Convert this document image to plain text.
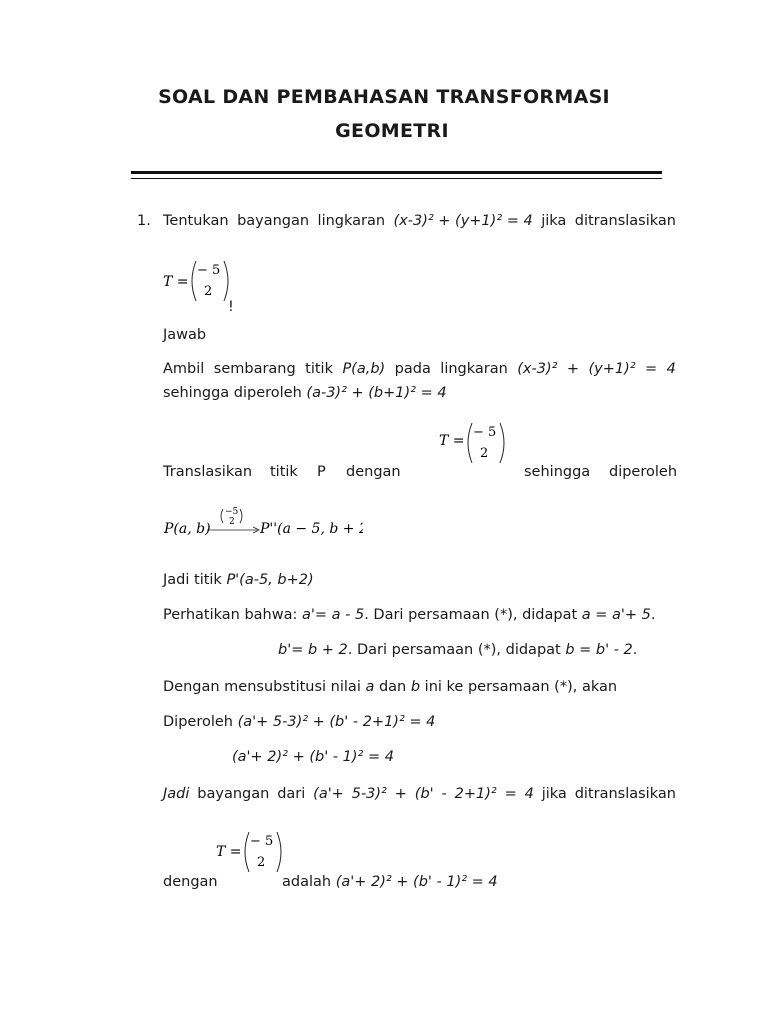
SOAL DAN PEMBAHASAN TRANSFORMASI
GEOMETRI
1. Tentukan bayangan lingkaran (x-3)² + (y+1)² = 4 jika ditranslasikan
T =
− 5
2
!
Jawab
Ambil sembarang titik P(a,b) pada lingkaran (x-3)² + (y+1)² = 4
sehingga diperoleh (a-3)² + (b+1)² = 4
T =
− 5
2
Translasikan titik P dengan	sehingga diperoleh
P(a, b)
−5
2 P''(a − 5, b + 2)
Jadi titik P'(a-5, b+2)
Perhatikan bahwa: a'= a - 5. Dari persamaan (*), didapat a = a'+ 5.
b'= b + 2. Dari persamaan (*), didapat b = b' - 2.
Dengan mensubstitusi nilai a dan b ini ke persamaan (*), akan
Diperoleh (a'+ 5-3)² + (b' - 2+1)² = 4
(a'+ 2)² + (b' - 1)² = 4
Jadi bayangan dari (a'+ 5-3)² + (b' - 2+1)² = 4 jika ditranslasikan
T =
− 5
2
dengan	adalah (a'+ 2)² + (b' - 1)² = 4
